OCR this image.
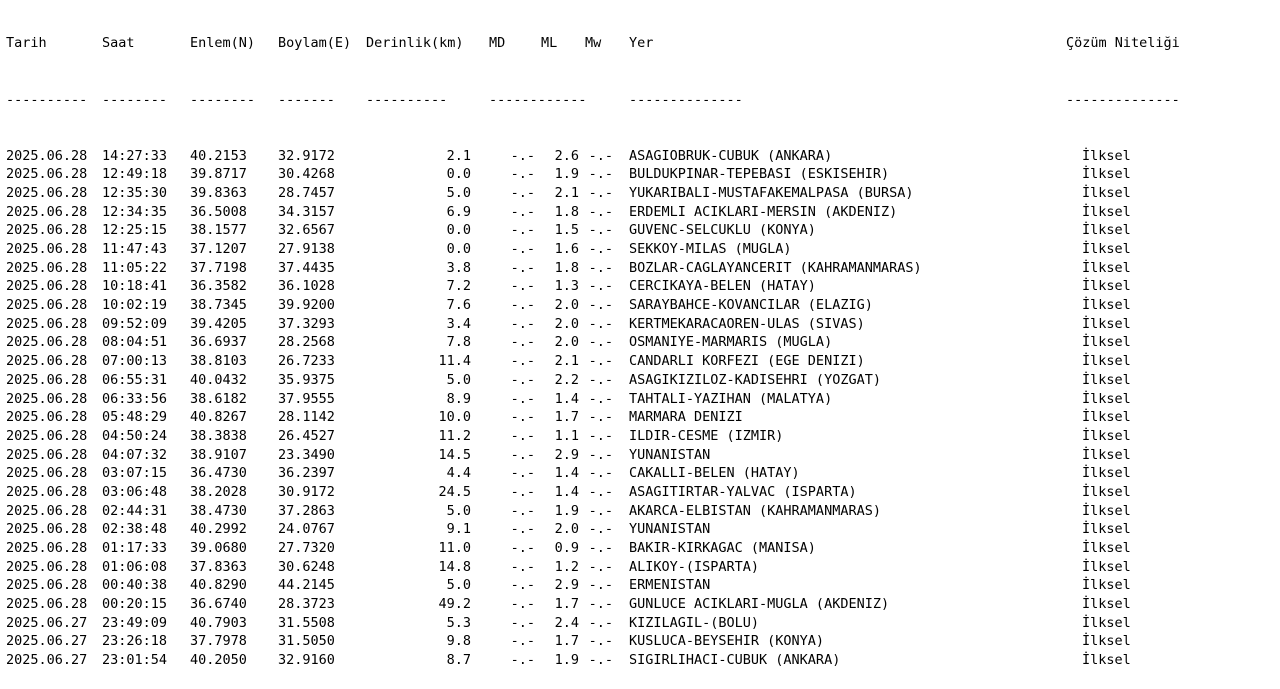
Tarih	Saat	Enlem(N) Boylam(E) Derinlik(km) MD	ML Mw Yer	Çözüm Niteliği

---------- -------- -------- ------- ----------	------------	--------------	--------------

2025.06.28 14:27:33 40.2153 32.9172	2.1	-.- 2.6 -.- ASAGIOBRUK-CUBUK (ANKARA)	İlksel
2025.06.28 12:49:18 39.8717 30.4268	0.0	-.- 1.9 -.- BULDUKPINAR-TEPEBASI (ESKISEHIR)	İlksel
2025.06.28 12:35:30 39.8363 28.7457	5.0	-.- 2.1 -.- YUKARIBALI-MUSTAFAKEMALPASA (BURSA)	İlksel
2025.06.28 12:34:35 36.5008 34.3157	6.9	-.- 1.8 -.- ERDEMLI ACIKLARI-MERSIN (AKDENIZ)	İlksel
2025.06.28 12:25:15 38.1577 32.6567	0.0	-.- 1.5 -.- GUVENC-SELCUKLU (KONYA)	İlksel
2025.06.28 11:47:43 37.1207 27.9138	0.0	-.- 1.6 -.- SEKKOY-MILAS (MUGLA)	İlksel
2025.06.28 11:05:22 37.7198 37.4435	3.8	-.- 1.8 -.- BOZLAR-CAGLAYANCERIT (KAHRAMANMARAS)	İlksel
2025.06.28 10:18:41 36.3582 36.1028	7.2	-.- 1.3 -.- CERCIKAYA-BELEN (HATAY)	İlksel
2025.06.28 10:02:19 38.7345 39.9200	7.6	-.- 2.0 -.- SARAYBAHCE-KOVANCILAR (ELAZIG)	İlksel
2025.06.28 09:52:09 39.4205 37.3293	3.4	-.- 2.0 -.- KERTMEKARACAOREN-ULAS (SIVAS)	İlksel
2025.06.28 08:04:51 36.6937 28.2568	7.8	-.- 2.0 -.- OSMANIYE-MARMARIS (MUGLA)	İlksel
2025.06.28 07:00:13 38.8103 26.7233	11.4	-.- 2.1 -.- CANDARLI KORFEZI (EGE DENIZI)	İlksel
2025.06.28 06:55:31 40.0432 35.9375	5.0	-.- 2.2 -.- ASAGIKIZILOZ-KADISEHRI (YOZGAT)	İlksel
2025.06.28 06:33:56 38.6182 37.9555	8.9	-.- 1.4 -.- TAHTALI-YAZIHAN (MALATYA)	İlksel
2025.06.28 05:48:29 40.8267 28.1142	10.0	-.- 1.7 -.- MARMARA DENIZI	İlksel
2025.06.28 04:50:24 38.3838 26.4527	11.2	-.- 1.1 -.- ILDIR-CESME (IZMIR)	İlksel
2025.06.28 04:07:32 38.9107 23.3490	14.5	-.- 2.9 -.- YUNANISTAN	İlksel
2025.06.28 03:07:15 36.4730 36.2397	4.4	-.- 1.4 -.- CAKALLI-BELEN (HATAY)	İlksel
2025.06.28 03:06:48 38.2028 30.9172	24.5	-.- 1.4 -.- ASAGITIRTAR-YALVAC (ISPARTA)	İlksel
2025.06.28 02:44:31 38.4730 37.2863	5.0	-.- 1.9 -.- AKARCA-ELBISTAN (KAHRAMANMARAS)	İlksel
2025.06.28 02:38:48 40.2992 24.0767	9.1	-.- 2.0 -.- YUNANISTAN	İlksel
2025.06.28 01:17:33 39.0680 27.7320	11.0	-.- 0.9 -.- BAKIR-KIRKAGAC (MANISA)	İlksel
2025.06.28 01:06:08 37.8363 30.6248	14.8	-.- 1.2 -.- ALIKOY-(ISPARTA)	İlksel
2025.06.28 00:40:38 40.8290 44.2145	5.0	-.- 2.9 -.- ERMENISTAN	İlksel
2025.06.28 00:20:15 36.6740 28.3723	49.2	-.- 1.7 -.- GUNLUCE ACIKLARI-MUGLA (AKDENIZ)	İlksel
2025.06.27 23:49:09 40.7903 31.5508	5.3	-.- 2.4 -.- KIZILAGIL-(BOLU)	İlksel
2025.06.27 23:26:18 37.7978 31.5050	9.8	-.- 1.7 -.- KUSLUCA-BEYSEHIR (KONYA)	İlksel
2025.06.27 23:01:54 40.2050 32.9160	8.7	-.- 1.9 -.- SIGIRLIHACI-CUBUK (ANKARA)	İlksel
